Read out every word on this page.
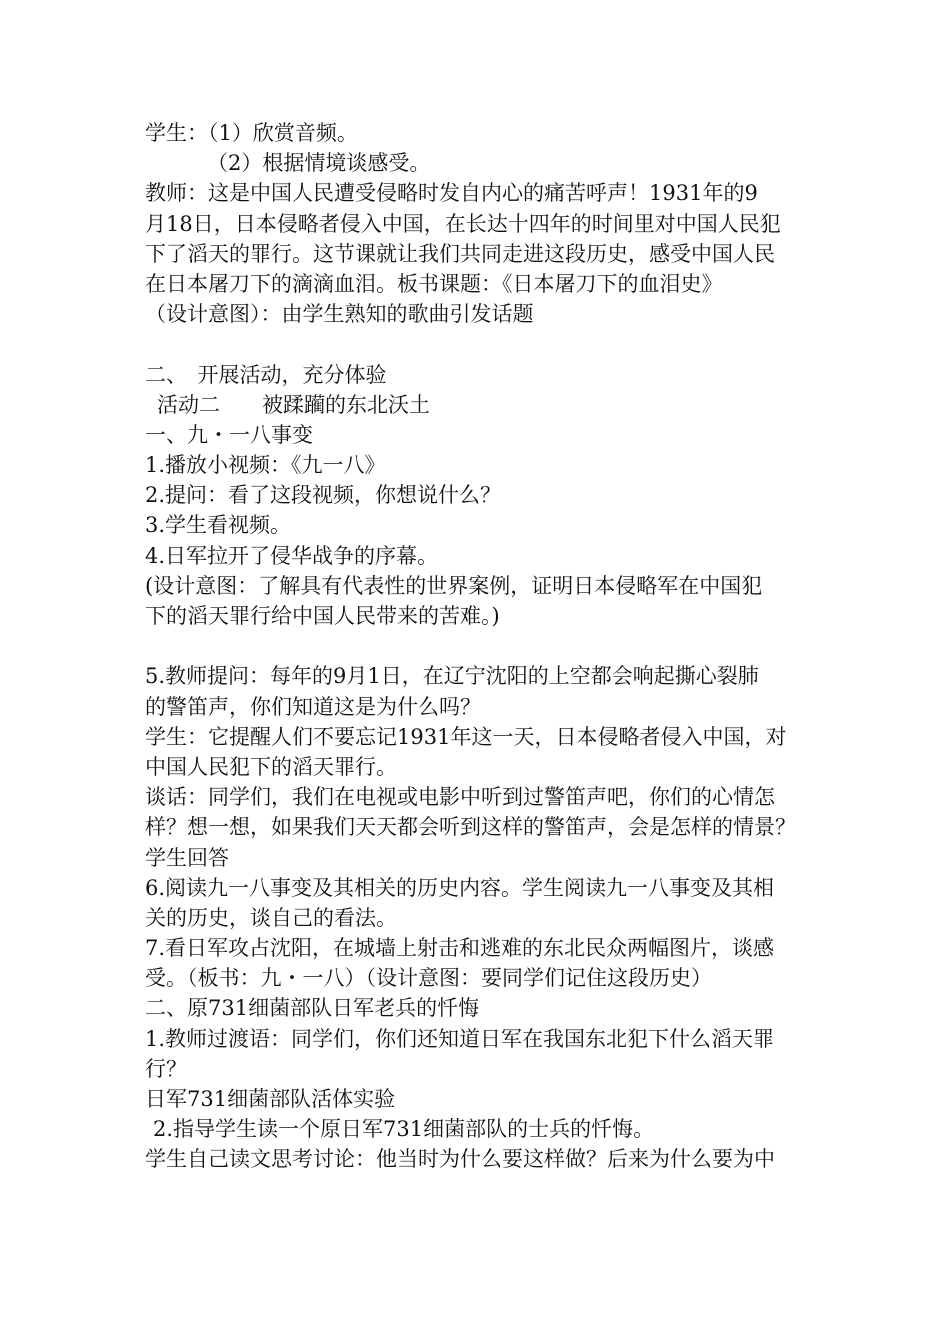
学生：（1）欣赏音频。
（2）根据情境谈感受。
教师：这是中国人民遭受侵略时发自内心的痛苦呼声！1931年的9
月18日，日本侵略者侵入中国，在长达十四年的时间里对中国人民犯
下了滔天的罪行。这节课就让我们共同走进这段历史，感受中国人民
在日本屠刀下的滴滴血泪。板书课题：《日本屠刀下的血泪史》
（设计意图）：由学生熟知的歌曲引发话题
二、　开展活动，充分体验
活动二　　被蹂躏的东北沃土
一、九・一八事变
1.播放小视频：《九一八》
2.提问：看了这段视频，你想说什么？
3.学生看视频。
4.日军拉开了侵华战争的序幕。
(设计意图：了解具有代表性的世界案例，证明日本侵略军在中国犯
下的滔天罪行给中国人民带来的苦难。)
5.教师提问：每年的9月1日，在辽宁沈阳的上空都会响起撕心裂肺
的警笛声，你们知道这是为什么吗？
学生：它提醒人们不要忘记1931年这一天，日本侵略者侵入中国，对
中国人民犯下的滔天罪行。
谈话：同学们，我们在电视或电影中听到过警笛声吧，你们的心情怎
样？想一想，如果我们天天都会听到这样的警笛声，会是怎样的情景？
学生回答
6.阅读九一八事变及其相关的历史内容。学生阅读九一八事变及其相
关的历史，谈自己的看法。
7.看日军攻占沈阳，在城墙上射击和逃难的东北民众两幅图片，谈感
受。（板书：九・一八）（设计意图：要同学们记住这段历史）
二、原731细菌部队日军老兵的忏悔
1.教师过渡语：同学们，你们还知道日军在我国东北犯下什么滔天罪
行？
日军731细菌部队活体实验
2.指导学生读一个原日军731细菌部队的士兵的忏悔。
学生自己读文思考讨论：他当时为什么要这样做？后来为什么要为中
